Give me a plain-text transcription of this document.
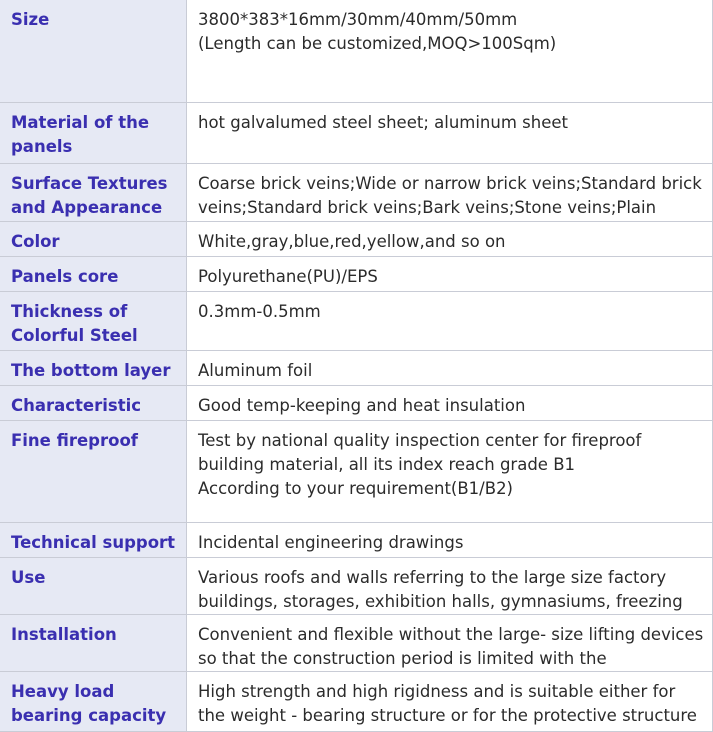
Size	3800*383*16mm/30mm/40mm/50mm
(Length can be customized,MOQ>100Sqm)
Material of the panels	hot galvalumed steel sheet; aluminum sheet
Surface Textures and Appearance	Coarse brick veins;Wide or narrow brick veins;Standard brick veins;Standard brick veins;Bark veins;Stone veins;Plain
Color	White,gray,blue,red,yellow,and so on
Panels core	Polyurethane(PU)/EPS
Thickness of Colorful Steel	0.3mm-0.5mm
The bottom layer	Aluminum foil
Characteristic	Good temp-keeping and heat insulation
Fine fireproof	Test by national quality inspection center for fireproof building material, all its index reach grade B1
According to your requirement(B1/B2)
Technical support	Incidental engineering drawings
Use	Various roofs and walls referring to the large size factory buildings, storages, exhibition halls, gymnasiums, freezing
Installation	Convenient and flexible without the large- size lifting devices so that the construction period is limited with the
Heavy load bearing capacity	High strength and high rigidness and is suitable either for the weight - bearing structure or for the protective structure
